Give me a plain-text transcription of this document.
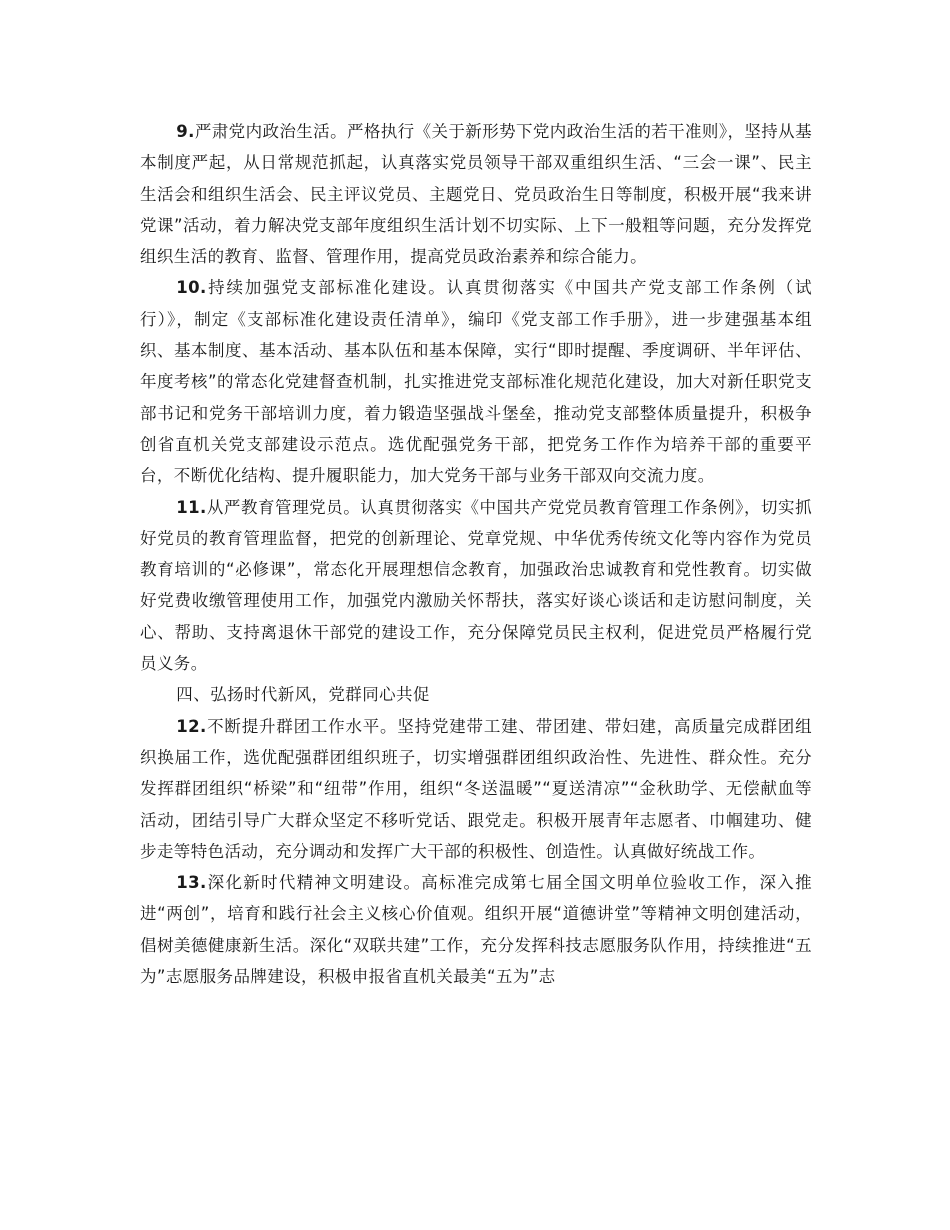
9.严肃党内政治生活。严格执行《关于新形势下党内政治生活的若干准则》，坚持从基本制度严起，从日常规范抓起，认真落实党员领导干部双重组织生活、“三会一课”、民主生活会和组织生活会、民主评议党员、主题党日、党员政治生日等制度，积极开展“我来讲党课”活动，着力解决党支部年度组织生活计划不切实际、上下一般粗等问题，充分发挥党组织生活的教育、监督、管理作用，提高党员政治素养和综合能力。

10.持续加强党支部标准化建设。认真贯彻落实《中国共产党支部工作条例（试行）》，制定《支部标准化建设责任清单》，编印《党支部工作手册》，进一步建强基本组织、基本制度、基本活动、基本队伍和基本保障，实行“即时提醒、季度调研、半年评估、年度考核”的常态化党建督查机制，扎实推进党支部标准化规范化建设，加大对新任职党支部书记和党务干部培训力度，着力锻造坚强战斗堡垒，推动党支部整体质量提升，积极争创省直机关党支部建设示范点。选优配强党务干部，把党务工作作为培养干部的重要平台，不断优化结构、提升履职能力，加大党务干部与业务干部双向交流力度。

11.从严教育管理党员。认真贯彻落实《中国共产党党员教育管理工作条例》，切实抓好党员的教育管理监督，把党的创新理论、党章党规、中华优秀传统文化等内容作为党员教育培训的“必修课”，常态化开展理想信念教育，加强政治忠诚教育和党性教育。切实做好党费收缴管理使用工作，加强党内激励关怀帮扶，落实好谈心谈话和走访慰问制度，关心、帮助、支持离退休干部党的建设工作，充分保障党员民主权利，促进党员严格履行党员义务。

四、弘扬时代新风，党群同心共促

12.不断提升群团工作水平。坚持党建带工建、带团建、带妇建，高质量完成群团组织换届工作，选优配强群团组织班子，切实增强群团组织政治性、先进性、群众性。充分发挥群团组织“桥梁”和“纽带”作用，组织“冬送温暖”“夏送清凉”“金秋助学、无偿献血等活动，团结引导广大群众坚定不移听党话、跟党走。积极开展青年志愿者、巾帼建功、健步走等特色活动，充分调动和发挥广大干部的积极性、创造性。认真做好统战工作。

13.深化新时代精神文明建设。高标准完成第七届全国文明单位验收工作，深入推进“两创”，培育和践行社会主义核心价值观。组织开展“道德讲堂”等精神文明创建活动，倡树美德健康新生活。深化“双联共建”工作，充分发挥科技志愿服务队作用，持续推进“五为”志愿服务品牌建设，积极申报省直机关最美“五为”志
